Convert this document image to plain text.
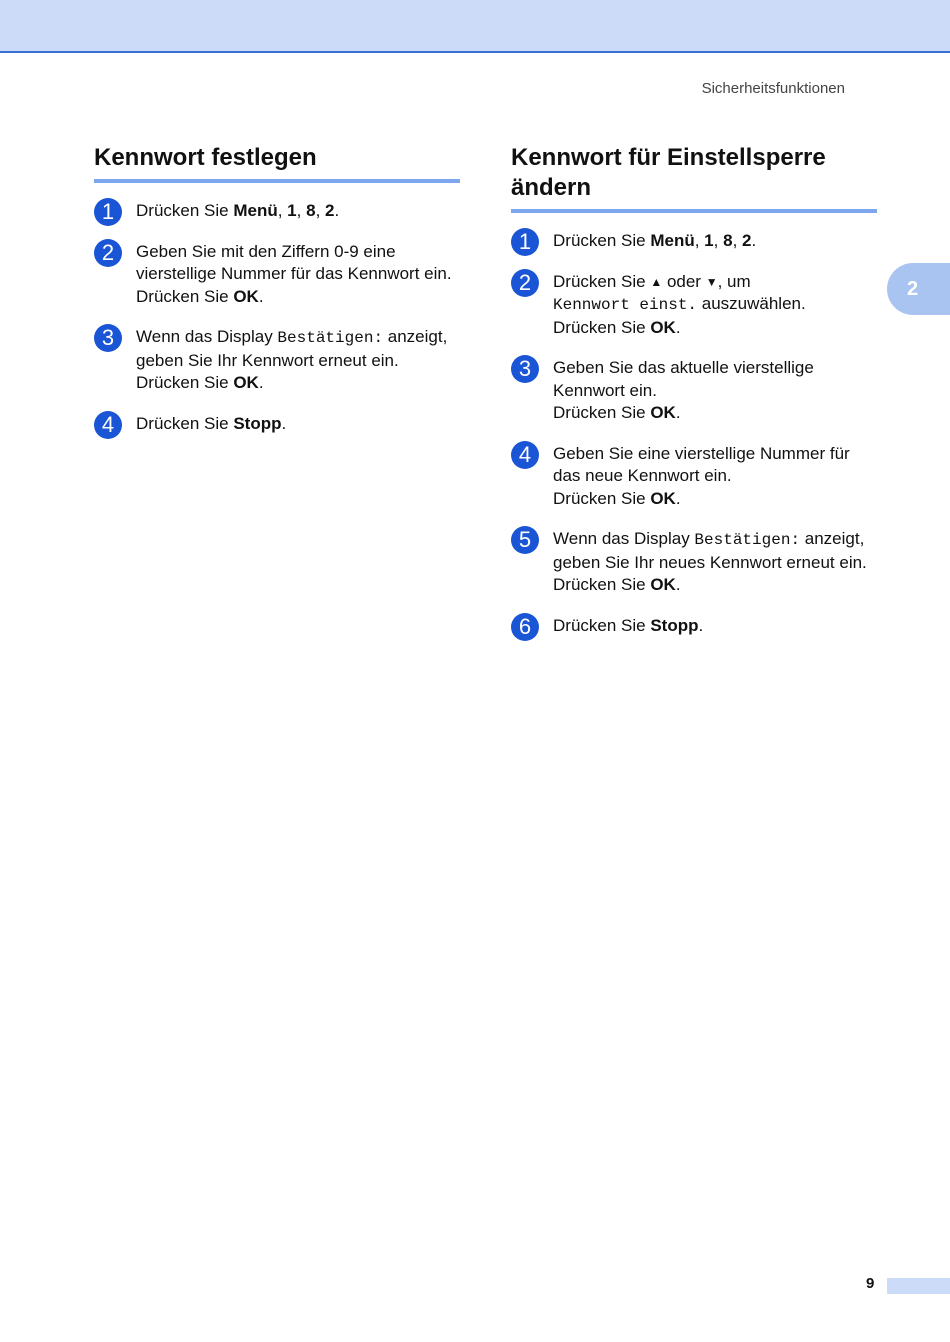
Sicherheitsfunktionen
2
Kennwort festlegen
1	Drücken Sie Menü, 1, 8, 2.
2	Geben Sie mit den Ziffern 0-9 eine vierstellige Nummer für das Kennwort ein.
Drücken Sie OK.
3	Wenn das Display Bestätigen: anzeigt, geben Sie Ihr Kennwort erneut ein.
Drücken Sie OK.
4	Drücken Sie Stopp.
Kennwort für Einstellsperre ändern
1	Drücken Sie Menü, 1, 8, 2.
2	Drücken Sie ▲ oder ▼, um
Kennwort einst. auszuwählen.
Drücken Sie OK.
3	Geben Sie das aktuelle vierstellige Kennwort ein.
Drücken Sie OK.
4	Geben Sie eine vierstellige Nummer für das neue Kennwort ein.
Drücken Sie OK.
5	Wenn das Display Bestätigen: anzeigt, geben Sie Ihr neues Kennwort erneut ein.
Drücken Sie OK.
6	Drücken Sie Stopp.
9
